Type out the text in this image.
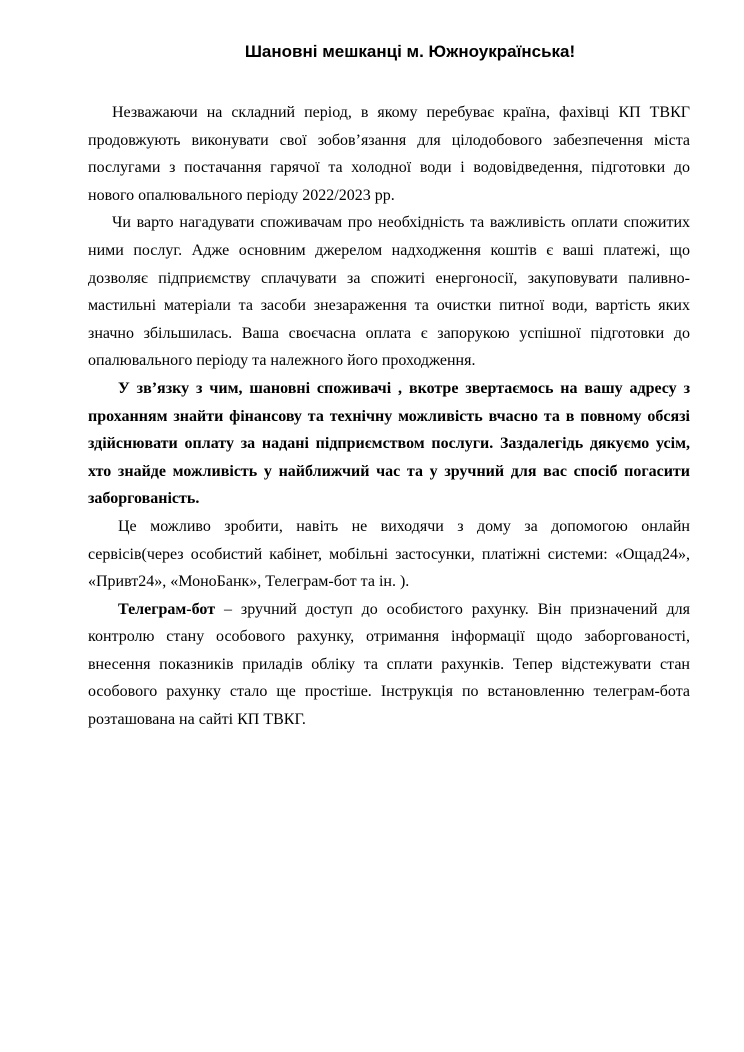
Шановні мешканці м. Южноукраїнська!

Незважаючи на складний період, в якому перебуває країна, фахівці КП ТВКГ продовжують виконувати свої зобов’язання для цілодобового забезпечення міста послугами з постачання гарячої та холодної води і водовідведення, підготовки до нового опалювального періоду 2022/2023 рр.

Чи варто нагадувати споживачам про необхідність та важливість оплати спожитих ними послуг. Адже основним джерелом надходження коштів є ваші платежі, що дозволяє підприємству сплачувати за спожиті енергоносії, закуповувати паливно-мастильні матеріали та засоби знезараження та очистки питної води, вартість яких значно збільшилась. Ваша своєчасна оплата є запорукою успішної підготовки до опалювального періоду та належного його проходження.

У зв’язку з чим, шановні споживачі , вкотре звертаємось на вашу адресу з проханням знайти фінансову та технічну можливість вчасно та в повному обсязі здійснювати оплату за надані підприємством послуги. Заздалегідь дякуємо усім, хто знайде можливість у найближчий час та у зручний для вас спосіб погасити заборгованість.

Це можливо зробити, навіть не виходячи з дому за допомогою онлайн сервісів(через особистий кабінет, мобільні застосунки, платіжні системи: «Ощад24», «Привт24», «МоноБанк», Телеграм-бот та ін. ).

Телеграм-бот – зручний доступ до особистого рахунку. Він призначений для контролю стану особового рахунку, отримання інформації щодо заборгованості, внесення показників приладів обліку та сплати рахунків. Тепер відстежувати стан особового рахунку стало ще простіше. Інструкція по встановленню телеграм-бота розташована на сайті КП ТВКГ.
